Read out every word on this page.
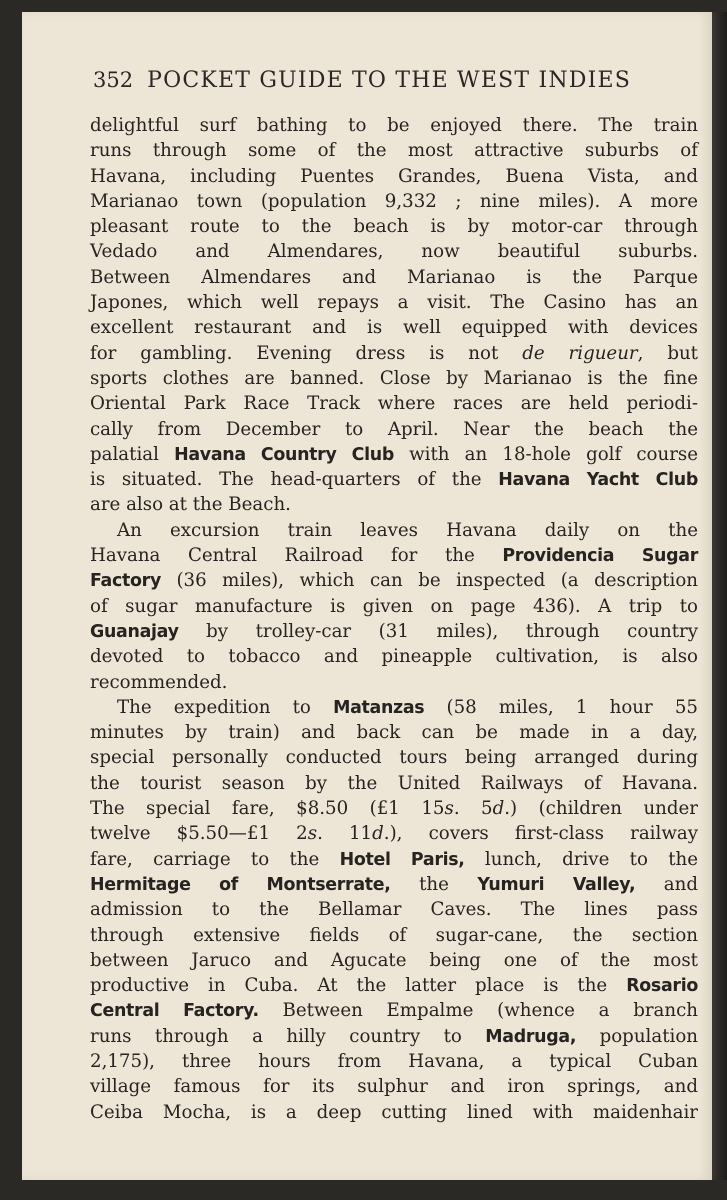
352 POCKET GUIDE TO THE WEST INDIES
delightful surf bathing to be enjoyed there. The train
runs through some of the most attractive suburbs of
Havana, including Puentes Grandes, Buena Vista, and
Marianao town (population 9,332 ; nine miles). A more
pleasant route to the beach is by motor-car through
Vedado and Almendares, now beautiful suburbs.
Between Almendares and Marianao is the Parque
Japones, which well repays a visit. The Casino has an
excellent restaurant and is well equipped with devices
for gambling. Evening dress is not de rigueur, but
sports clothes are banned. Close by Marianao is the fine
Oriental Park Race Track where races are held periodi-
cally from December to April. Near the beach the
palatial Havana Country Club with an 18-hole golf course
is situated. The head-quarters of the Havana Yacht Club
are also at the Beach.
An excursion train leaves Havana daily on the
Havana Central Railroad for the Providencia Sugar
Factory (36 miles), which can be inspected (a description
of sugar manufacture is given on page 436). A trip to
Guanajay by trolley-car (31 miles), through country
devoted to tobacco and pineapple cultivation, is also
recommended.
The expedition to Matanzas (58 miles, 1 hour 55
minutes by train) and back can be made in a day,
special personally conducted tours being arranged during
the tourist season by the United Railways of Havana.
The special fare, $8.50 (£1 15s. 5d.) (children under
twelve $5.50—£1 2s. 11d.), covers first-class railway
fare, carriage to the Hotel Paris, lunch, drive to the
Hermitage of Montserrate, the Yumuri Valley, and
admission to the Bellamar Caves. The lines pass
through extensive fields of sugar-cane, the section
between Jaruco and Agucate being one of the most
productive in Cuba. At the latter place is the Rosario
Central Factory. Between Empalme (whence a branch
runs through a hilly country to Madruga, population
2,175), three hours from Havana, a typical Cuban
village famous for its sulphur and iron springs, and
Ceiba Mocha, is a deep cutting lined with maidenhair
